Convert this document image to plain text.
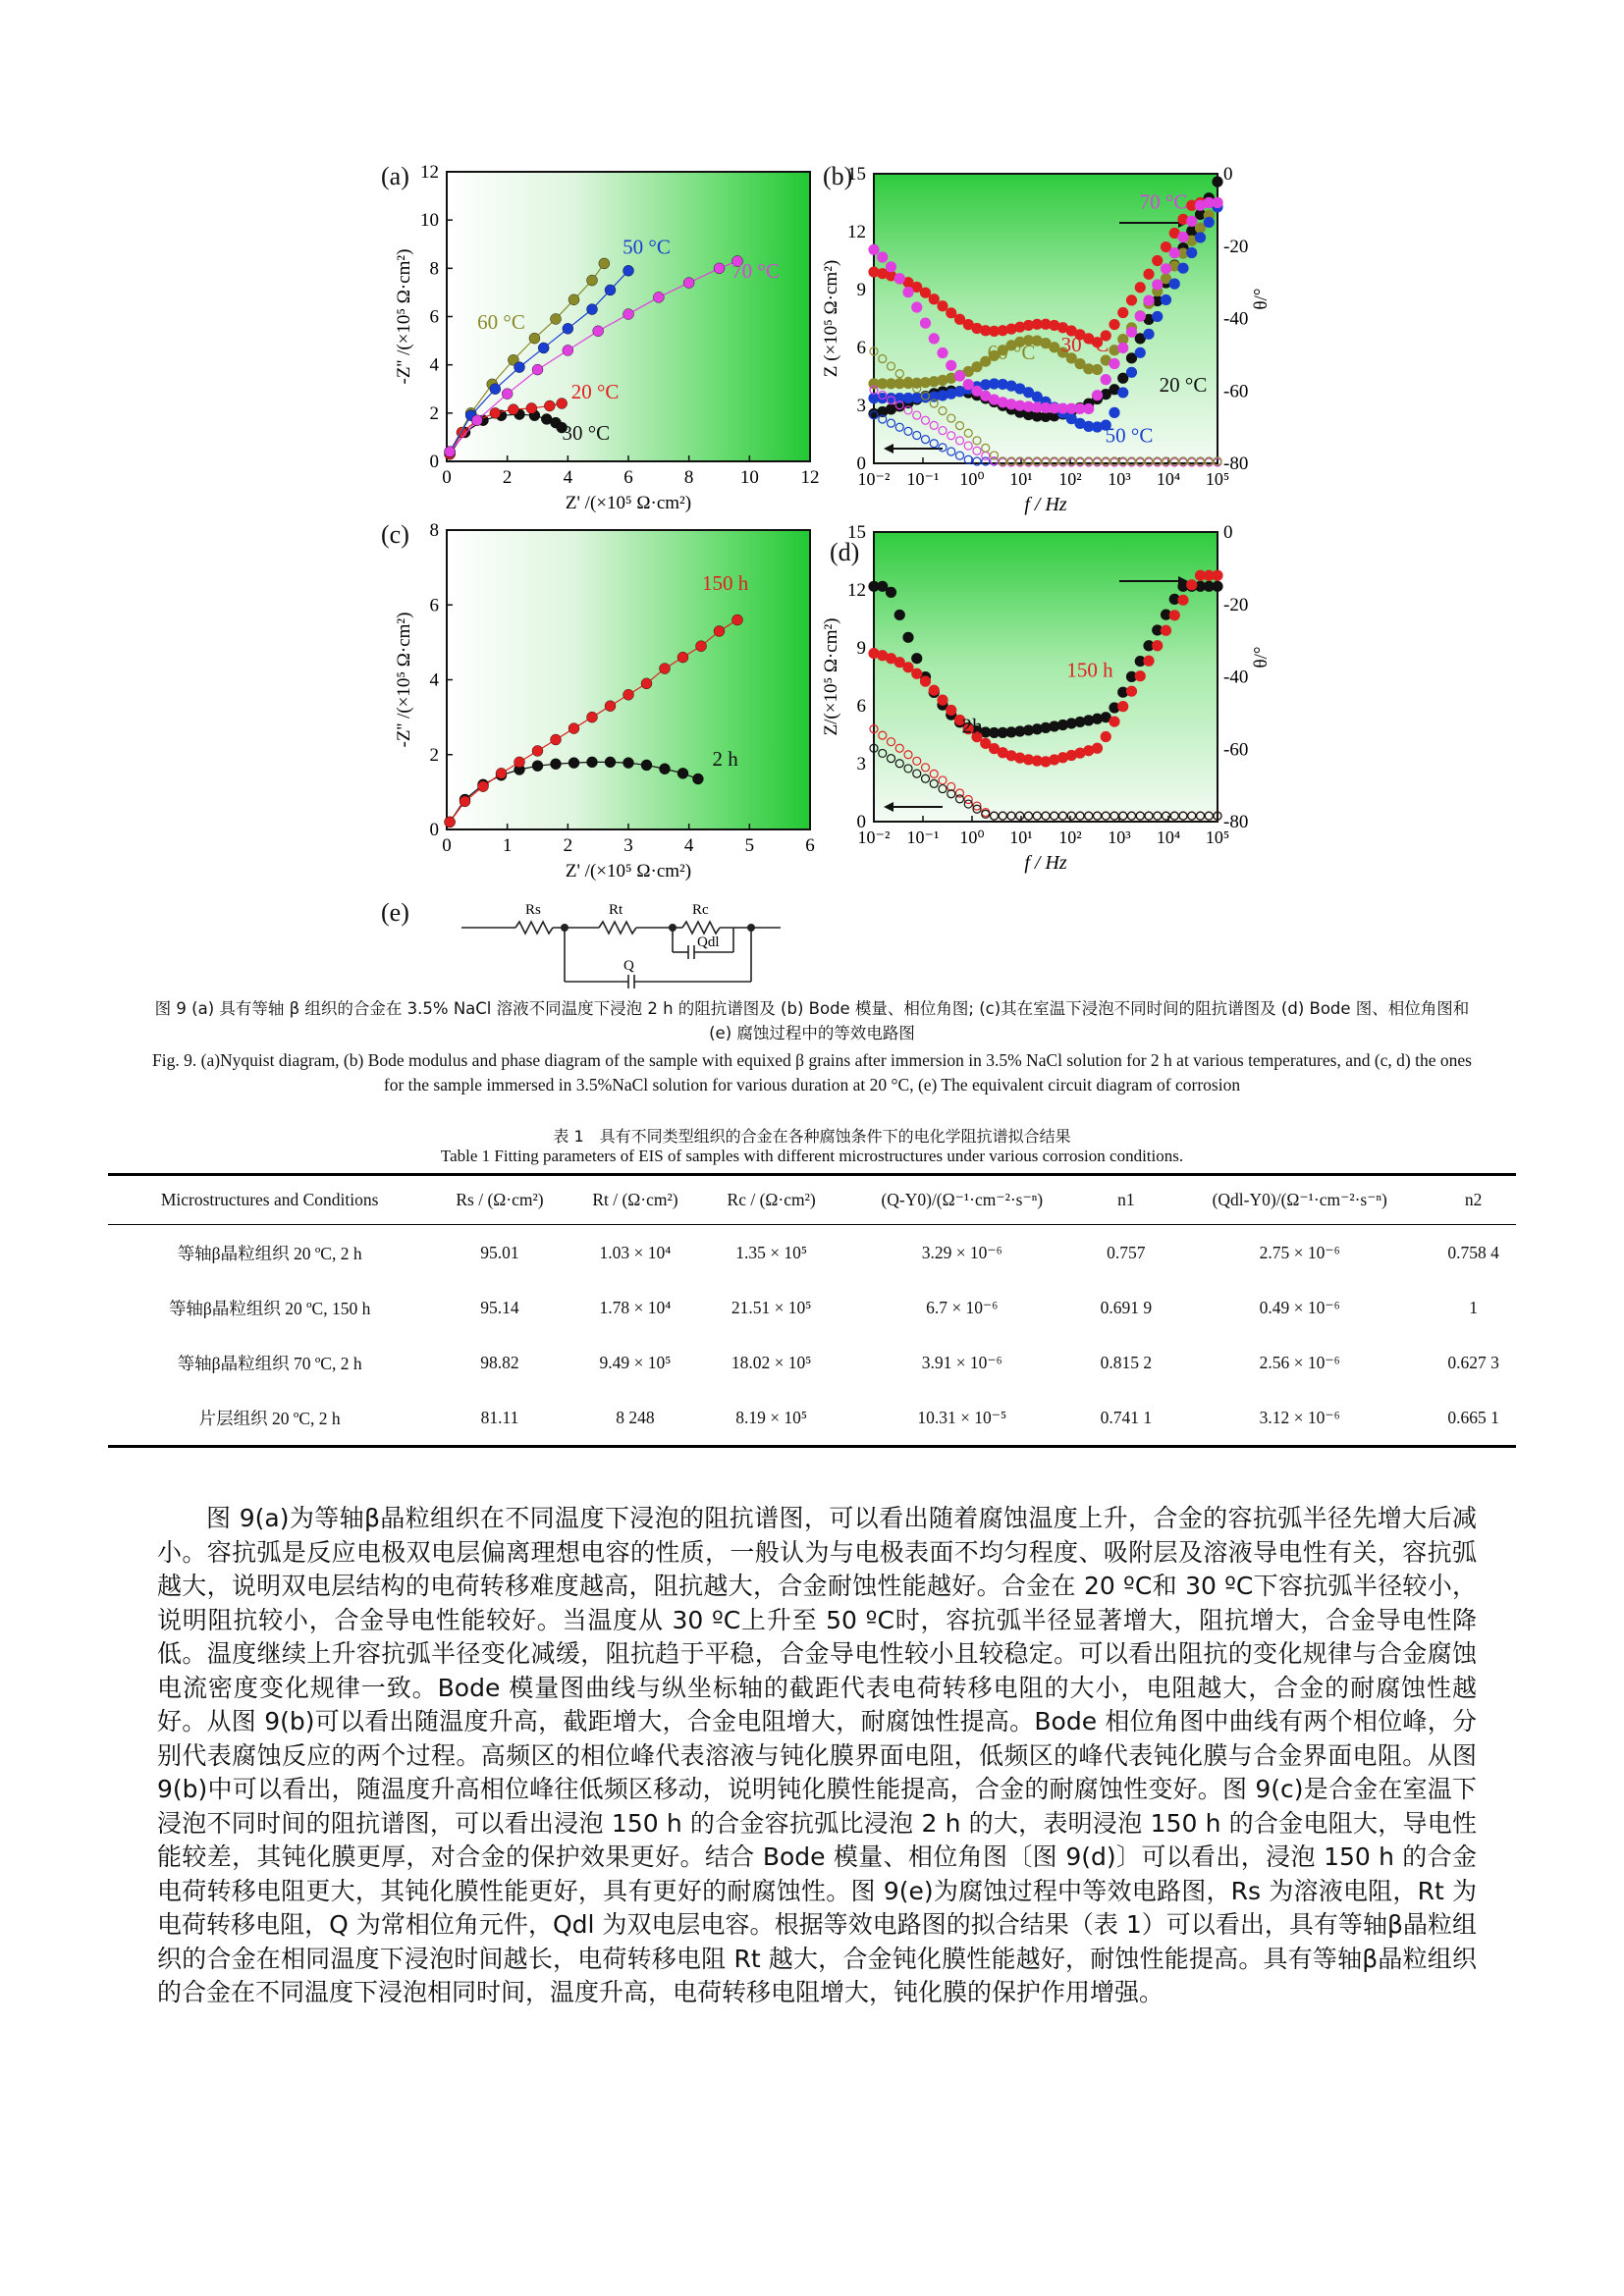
(a)
0	2	4	6	8 10 12
0
2
4
6
8
10
12
Z' /(×10⁵ Ω·cm²)
-Z'' /(×10⁵ Ω·cm²)
30 °C
20 °C
60 °C
50 °C
70 °C
(b)
10⁻² 10⁻¹ 10⁰ 10¹ 10² 10³ 10⁴ 10⁵
0
3
6
9
12
15	0
-20
-40
-60
-80
f / Hz
Z (×10⁵ Ω·cm²)	θ/°
70 °C
60 °C 30 °C
20 °C
50 °C
(c)
0	1	2	3	4	5	6
0
2
4
6
8
Z' /(×10⁵ Ω·cm²)
-Z'' /(×10⁵ Ω·cm²)
2 h
150 h
(d)
10⁻² 10⁻¹ 10⁰ 10¹ 10² 10³ 10⁴ 10⁵
0
3
6
9
12
15	0
-20
-40
-60
-80
f / Hz
Z/(×10⁵ Ω·cm²)	θ/°
2h
150 h
(e)	Rs	Rt	Rc
Qdl
Q
图 9 (a) 具有等轴 β 组织的合金在 3.5% NaCl 溶液不同温度下浸泡 2 h 的阻抗谱图及 (b) Bode 模量、相位角图; (c)其在室温下浸泡不同时间的阻抗谱图及 (d) Bode 图、相位角图和 (e) 腐蚀过程中的等效电路图
Fig. 9. (a)Nyquist diagram, (b) Bode modulus and phase diagram of the sample with equixed β grains after immersion in 3.5% NaCl solution for 2 h at various temperatures, and (c, d) the ones for the sample immersed in 3.5%NaCl solution for various duration at 20 °C, (e) The equivalent circuit diagram of corrosion
表 1　具有不同类型组织的合金在各种腐蚀条件下的电化学阻抗谱拟合结果
Table 1 Fitting parameters of EIS of samples with different microstructures under various corrosion conditions.
Microstructures and Conditions	Rs / (Ω·cm²)	Rt / (Ω·cm²)	Rc / (Ω·cm²)	(Q-Y0)/(Ω⁻¹·cm⁻²·s⁻ⁿ)	n1	(Qdl-Y0)/(Ω⁻¹·cm⁻²·s⁻ⁿ)	n2
等轴β晶粒组织 20 ºC, 2 h	95.01	1.03 × 10⁴	1.35 × 10⁵	3.29 × 10⁻⁶	0.757	2.75 × 10⁻⁶	0.758 4
等轴β晶粒组织 20 ºC, 150 h	95.14	1.78 × 10⁴	21.51 × 10⁵	6.7 × 10⁻⁶	0.691 9	0.49 × 10⁻⁶	1
等轴β晶粒组织 70 ºC, 2 h	98.82	9.49 × 10⁵	18.02 × 10⁵	3.91 × 10⁻⁶	0.815 2	2.56 × 10⁻⁶	0.627 3
片层组织 20 ºC, 2 h	81.11	8 248	8.19 × 10⁵	10.31 × 10⁻⁵	0.741 1	3.12 × 10⁻⁶	0.665 1

图 9(a)为等轴β晶粒组织在不同温度下浸泡的阻抗谱图，可以看出随着腐蚀温度上升，合金的容抗弧半径先增大后减小。容抗弧是反应电极双电层偏离理想电容的性质，一般认为与电极表面不均匀程度、吸附层及溶液导电性有关，容抗弧越大，说明双电层结构的电荷转移难度越高，阻抗越大，合金耐蚀性能越好。合金在 20 ºC和 30 ºC下容抗弧半径较小，说明阻抗较小，合金导电性能较好。当温度从 30 ºC上升至 50 ºC时，容抗弧半径显著增大，阻抗增大，合金导电性降低。温度继续上升容抗弧半径变化减缓，阻抗趋于平稳，合金导电性较小且较稳定。可以看出阻抗的变化规律与合金腐蚀电流密度变化规律一致。Bode 模量图曲线与纵坐标轴的截距代表电荷转移电阻的大小，电阻越大，合金的耐腐蚀性越好。从图 9(b)可以看出随温度升高，截距增大，合金电阻增大，耐腐蚀性提高。Bode 相位角图中曲线有两个相位峰，分别代表腐蚀反应的两个过程。高频区的相位峰代表溶液与钝化膜界面电阻，低频区的峰代表钝化膜与合金界面电阻。从图 9(b)中可以看出，随温度升高相位峰往低频区移动，说明钝化膜性能提高，合金的耐腐蚀性变好。图 9(c)是合金在室温下浸泡不同时间的阻抗谱图，可以看出浸泡 150 h 的合金容抗弧比浸泡 2 h 的大，表明浸泡 150 h 的合金电阻大，导电性能较差，其钝化膜更厚，对合金的保护效果更好。结合 Bode 模量、相位角图〔图 9(d)〕可以看出，浸泡 150 h 的合金电荷转移电阻更大，其钝化膜性能更好，具有更好的耐腐蚀性。图 9(e)为腐蚀过程中等效电路图，Rs 为溶液电阻，Rt 为电荷转移电阻，Q 为常相位角元件，Qdl 为双电层电容。根据等效电路图的拟合结果（表 1）可以看出，具有等轴β晶粒组织的合金在相同温度下浸泡时间越长，电荷转移电阻 Rt 越大，合金钝化膜性能越好，耐蚀性能提高。具有等轴β晶粒组织的合金在不同温度下浸泡相同时间，温度升高，电荷转移电阻增大，钝化膜的保护作用增强。
